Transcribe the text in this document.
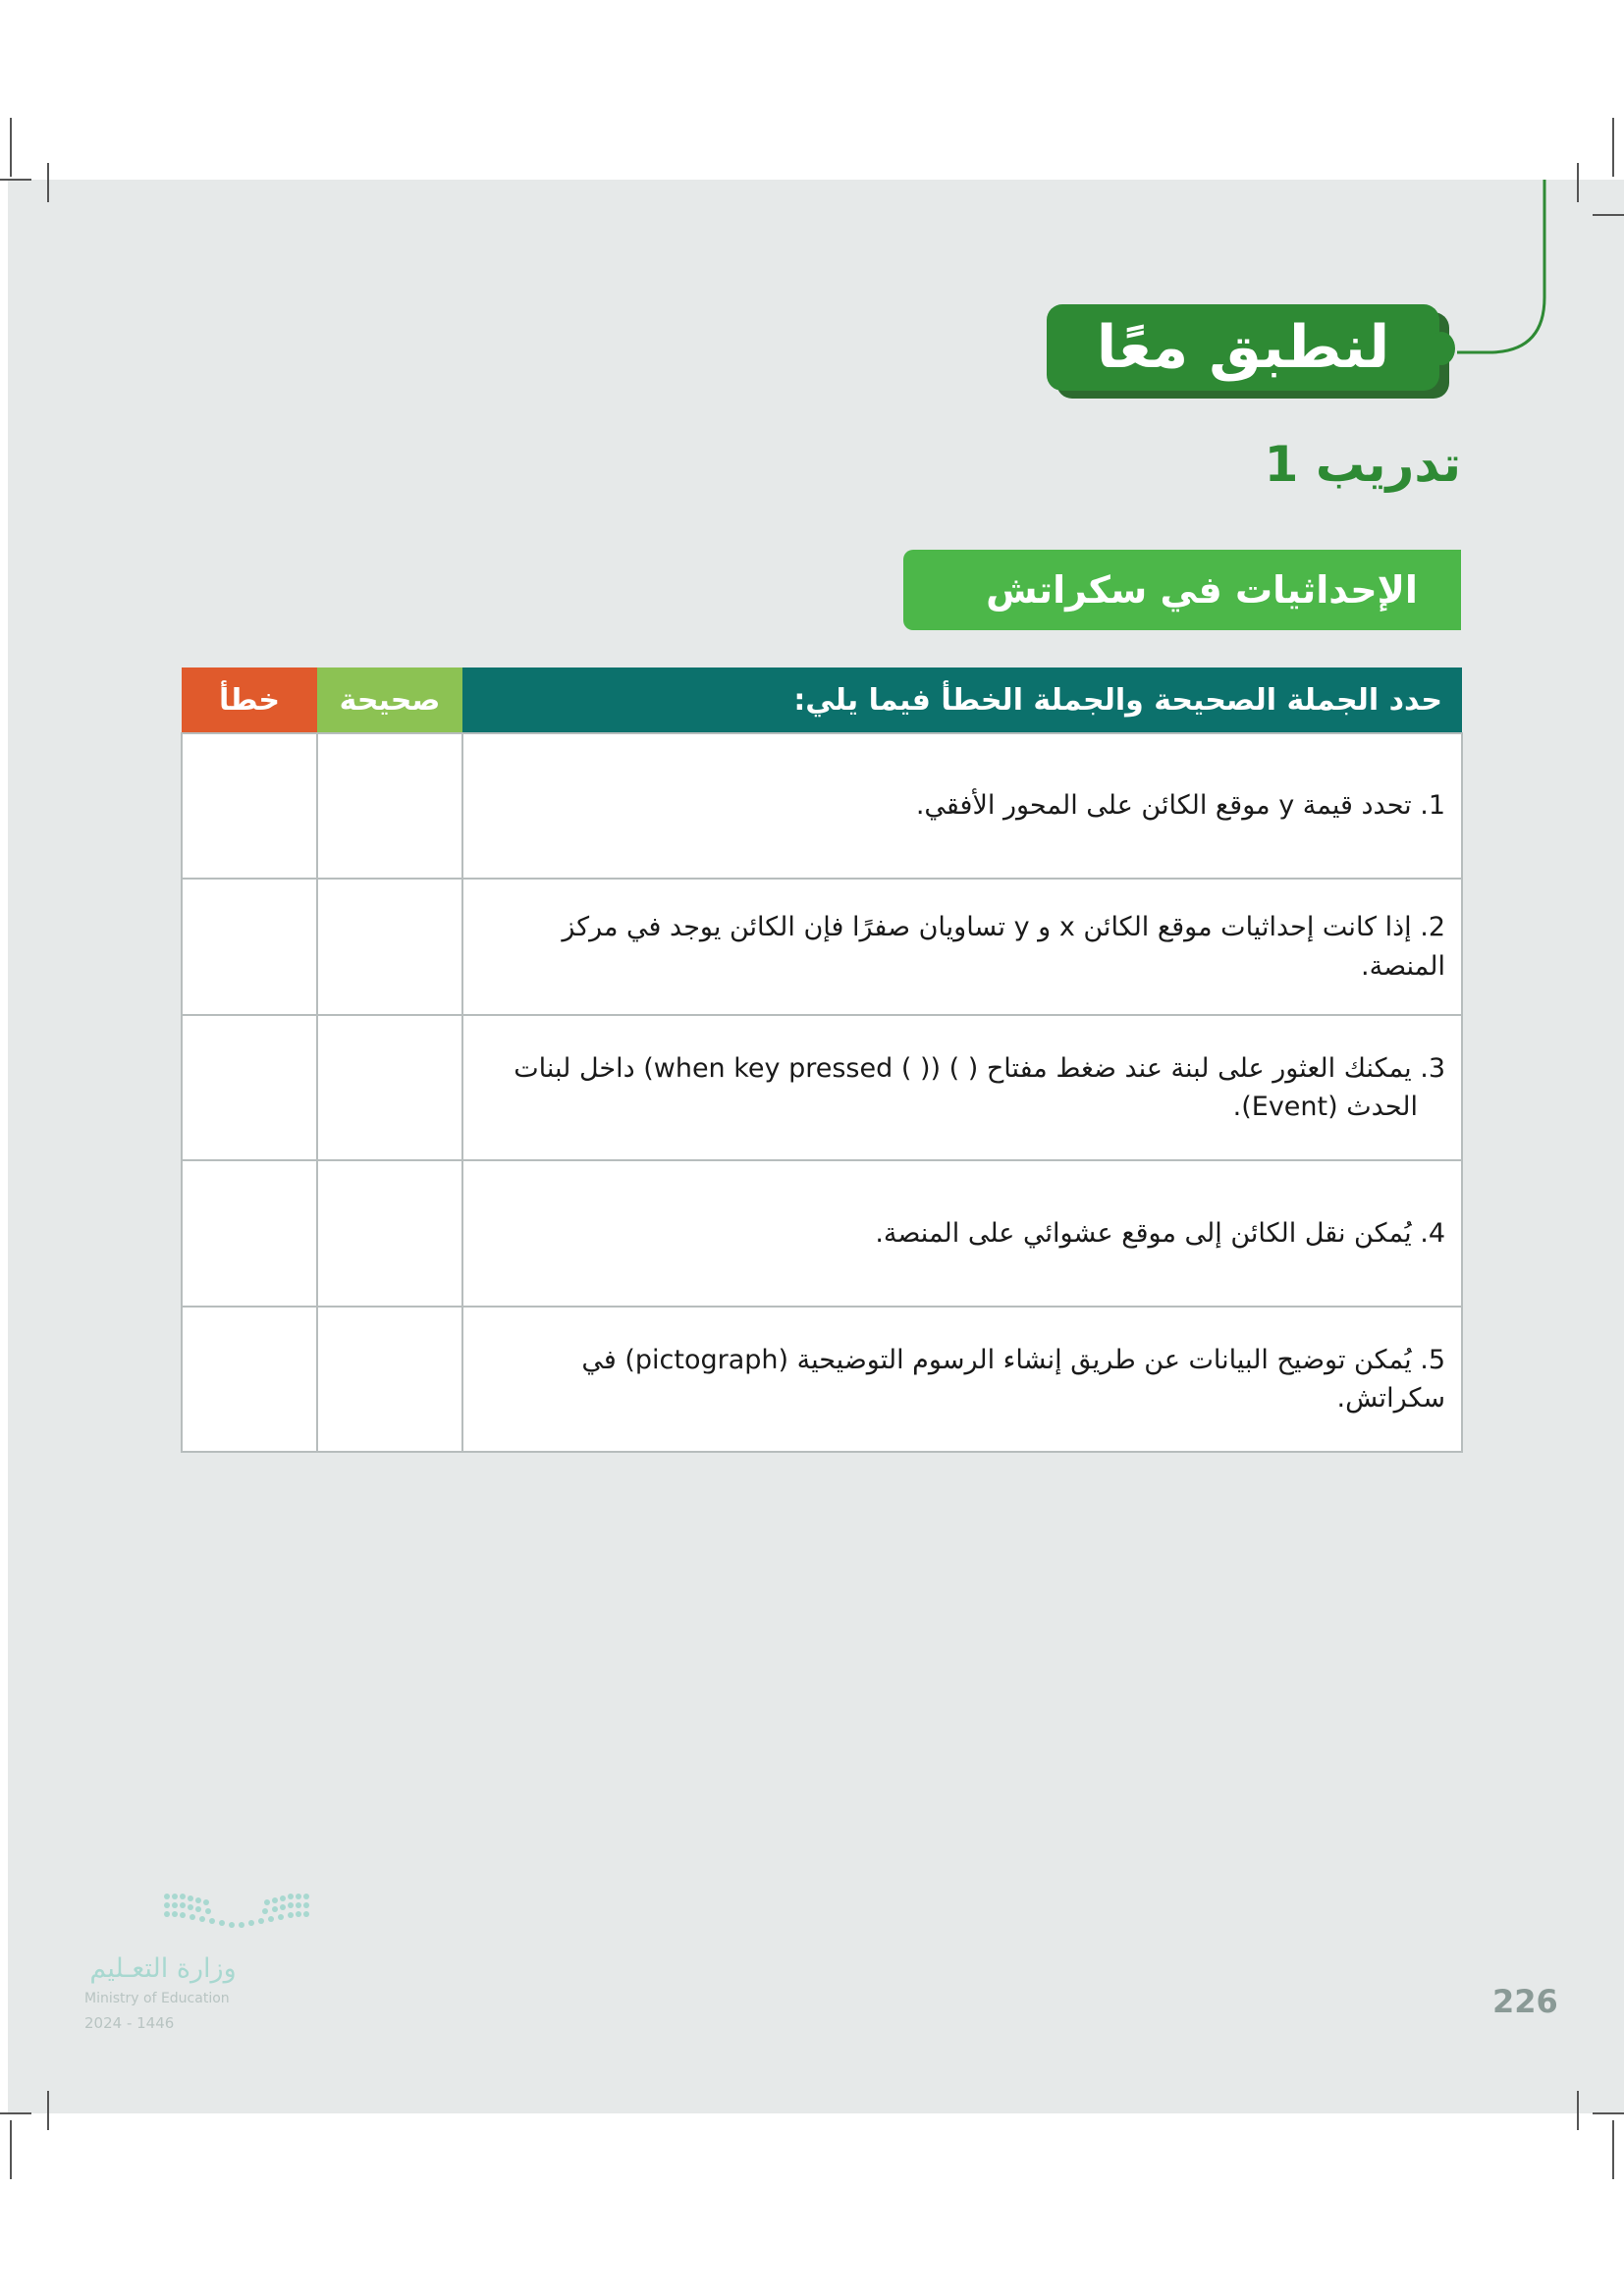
لنطبق معًا
تدريب 1
الإحداثيات في سكراتش
حدد الجملة الصحيحة والجملة الخطأ فيما يلي:	صحيحة	خطأ
1. تحدد قيمة y موقع الكائن على المحور الأفقي.		
2. إذا كانت إحداثيات موقع الكائن x و y تساويان صفرًا فإن الكائن يوجد في مركز المنصة.		
3. يمكنك العثور على لبنة عند ضغط مفتاح ( ) (( ) when key pressed) داخل لبنات
الحدث (Event).		
4. يُمكن نقل الكائن إلى موقع عشوائي على المنصة.		
5. يُمكن توضيح البيانات عن طريق إنشاء الرسوم التوضيحية (pictograph) في سكراتش.		
وزارة التعـليم
Ministry of Education
2024 - 1446
226
